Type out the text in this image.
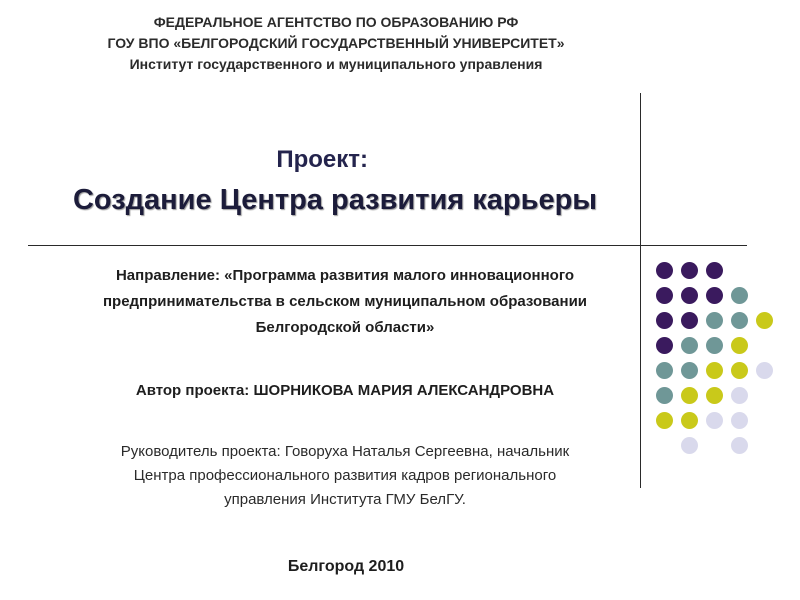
ФЕДЕРАЛЬНОЕ АГЕНТСТВО ПО ОБРАЗОВАНИЮ РФ
ГОУ ВПО «БЕЛГОРОДСКИЙ ГОСУДАРСТВЕННЫЙ УНИВЕРСИТЕТ»
Институт государственного и муниципального управления
Проект:
Создание Центра развития карьеры
Направление: «Программа развития малого инновационного
предпринимательства в сельском муниципальном образовании
Белгородской области»
Автор проекта: ШОРНИКОВА МАРИЯ АЛЕКСАНДРОВНА
Руководитель проекта: Говоруха Наталья Сергеевна, начальник
Центра профессионального развития кадров регионального
управления Института ГМУ БелГУ.
Белгород 2010
